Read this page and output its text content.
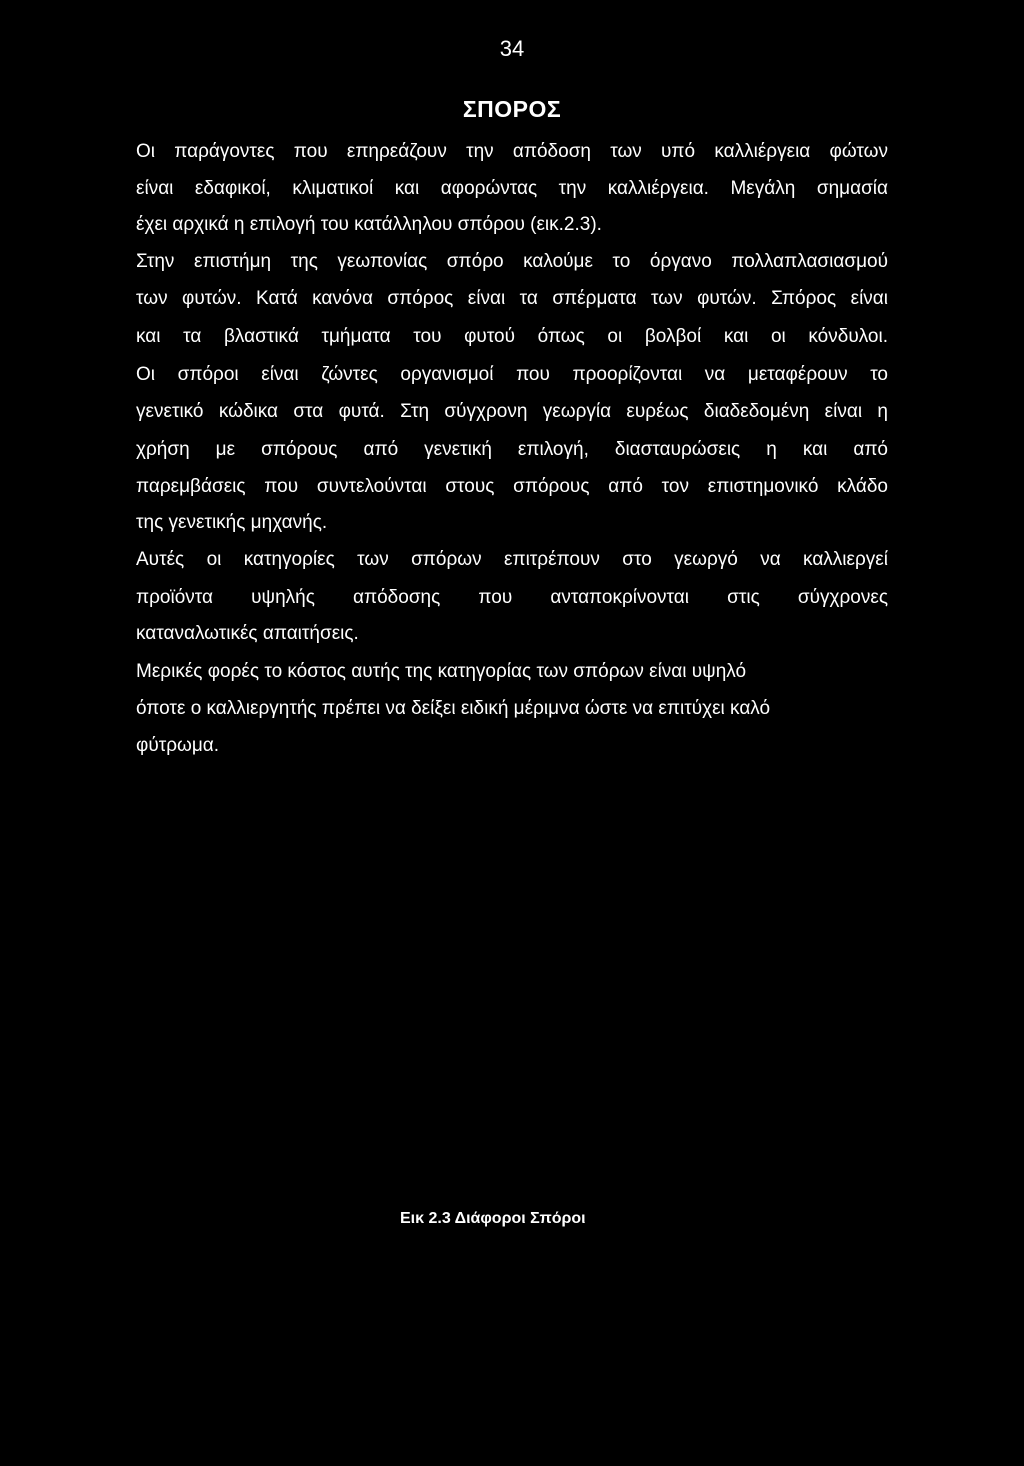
34
ΣΠΟΡΟΣ
Οι παράγοντες που επηρεάζουν την απόδοση των υπό καλλιέργεια φώτων
είναι εδαφικοί, κλιματικοί και αφορώντας την καλλιέργεια. Μεγάλη σημασία
έχει αρχικά η επιλογή του κατάλληλου σπόρου (εικ.2.3).
Στην επιστήμη της γεωπονίας σπόρο καλούμε το όργανο πολλαπλασιασμού
των φυτών. Κατά κανόνα σπόρος είναι τα σπέρματα των φυτών. Σπόρος είναι
και τα βλαστικά τμήματα του φυτού όπως οι βολβοί και οι κόνδυλοι.
Οι σπόροι είναι ζώντες οργανισμοί που προορίζονται να μεταφέρουν το
γενετικό κώδικα στα φυτά. Στη σύγχρονη γεωργία ευρέως διαδεδομένη είναι η
χρήση με σπόρους από γενετική επιλογή, διασταυρώσεις η και από
παρεμβάσεις που συντελούνται στους σπόρους από τον επιστημονικό κλάδο
της γενετικής μηχανής.
Αυτές οι κατηγορίες των σπόρων επιτρέπουν στο γεωργό να καλλιεργεί
προϊόντα υψηλής απόδοσης που ανταποκρίνονται στις σύγχρονες
καταναλωτικές απαιτήσεις.
Μερικές φορές το κόστος αυτής της κατηγορίας των σπόρων είναι υψηλό
όποτε ο καλλιεργητής πρέπει να δείξει ειδική μέριμνα ώστε να επιτύχει καλό
φύτρωμα.
Εικ 2.3 Διάφοροι Σπόροι
